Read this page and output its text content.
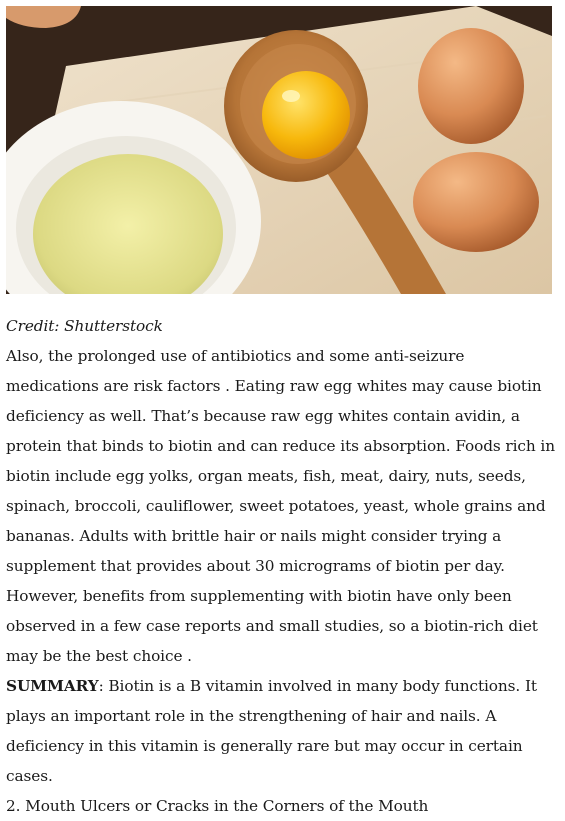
Credit: Shutterstock

Also, the prolonged use of antibiotics and some anti-seizure medications are risk factors . Eating raw egg whites may cause biotin deficiency as well. That’s because raw egg whites contain avidin, a protein that binds to biotin and can reduce its absorption. Foods rich in biotin include egg yolks, organ meats, fish, meat, dairy, nuts, seeds, spinach, broccoli, cauliflower, sweet potatoes, yeast, whole grains and bananas. Adults with brittle hair or nails might consider trying a supplement that provides about 30 micrograms of biotin per day. However, benefits from supplementing with biotin have only been observed in a few case reports and small studies, so a biotin-rich diet may be the best choice .

SUMMARY: Biotin is a B vitamin involved in many body functions. It plays an important role in the strengthening of hair and nails. A deficiency in this vitamin is generally rare but may occur in certain cases.

2. Mouth Ulcers or Cracks in the Corners of the Mouth
